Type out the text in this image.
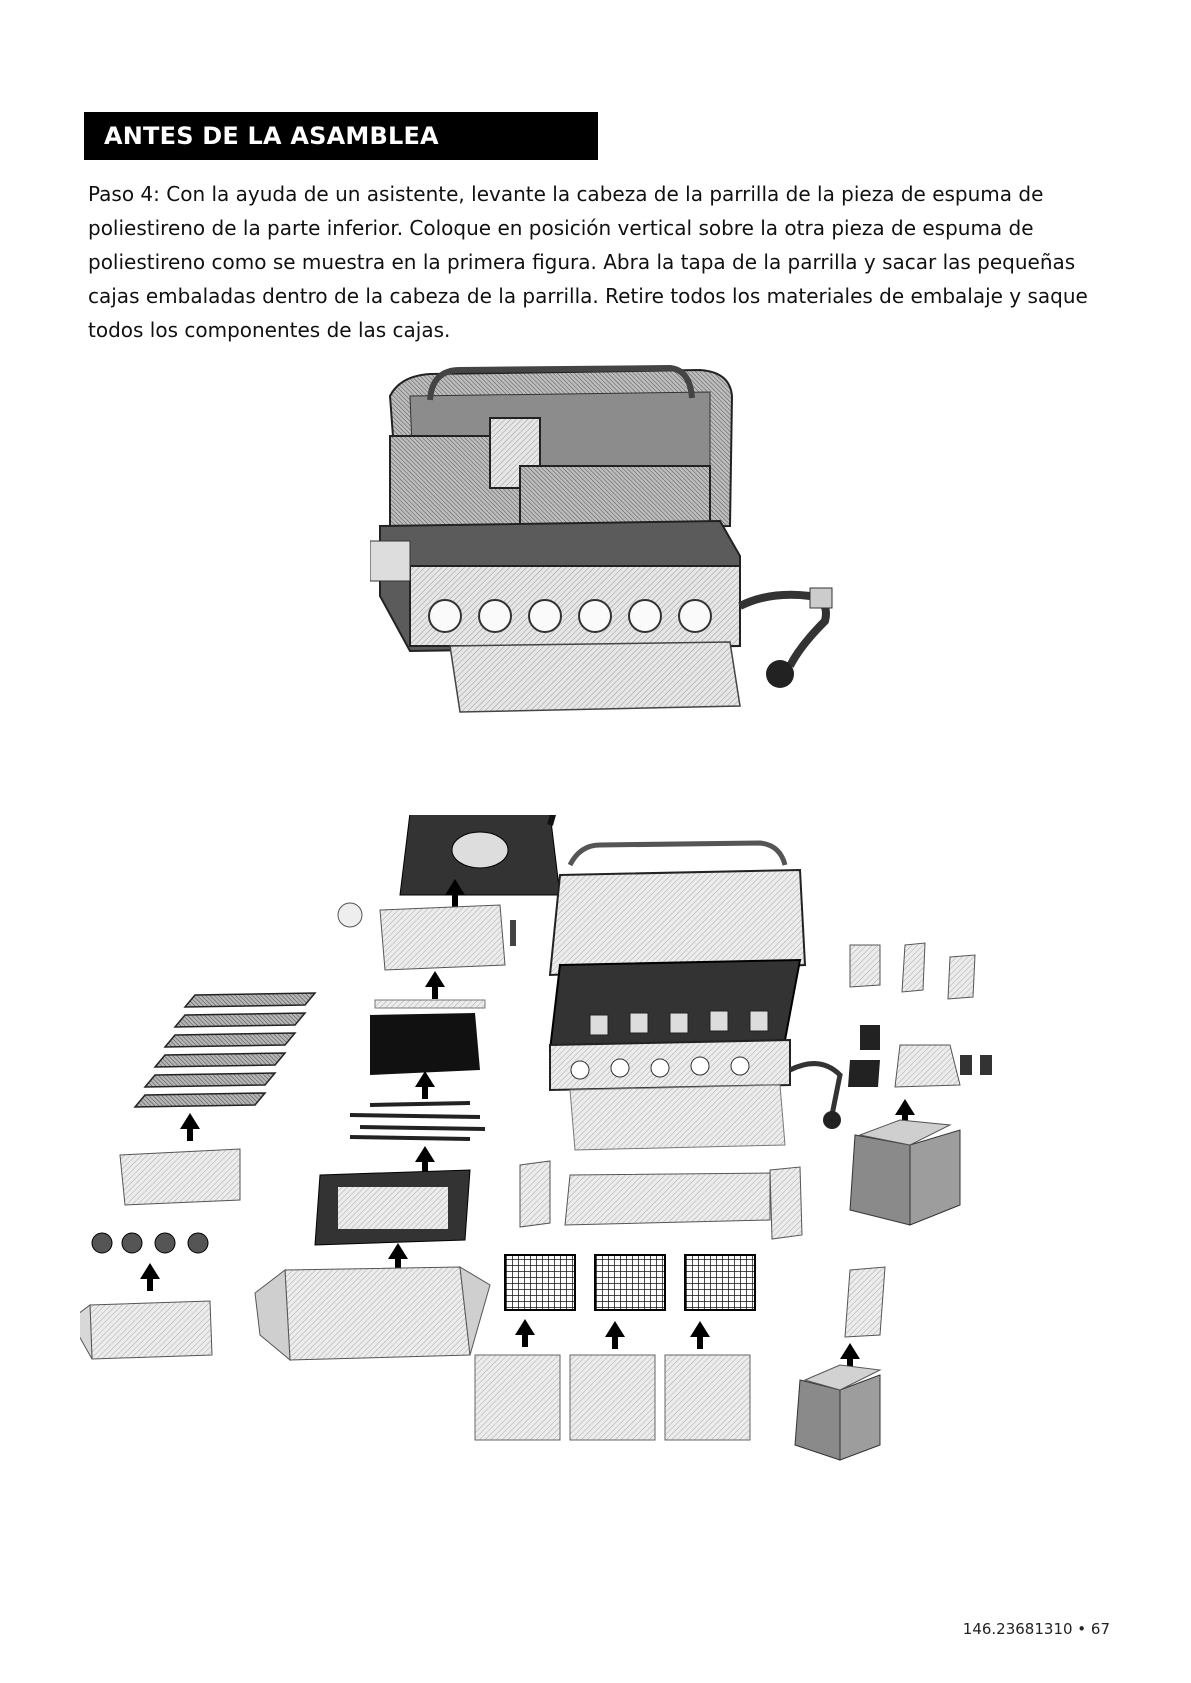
ANTES DE LA ASAMBLEA

Paso 4: Con la ayuda de un asistente, levante la cabeza de la parrilla de la pieza de espuma de poliestireno de la parte inferior. Coloque en posición vertical sobre la otra pieza de espuma de poliestireno como se muestra en la primera figura. Abra la tapa de la parrilla y sacar las pequeñas cajas embaladas dentro de la cabeza de la parrilla. Retire todos los materiales de embalaje y saque todos los componentes de las cajas.

146.23681310 • 67
